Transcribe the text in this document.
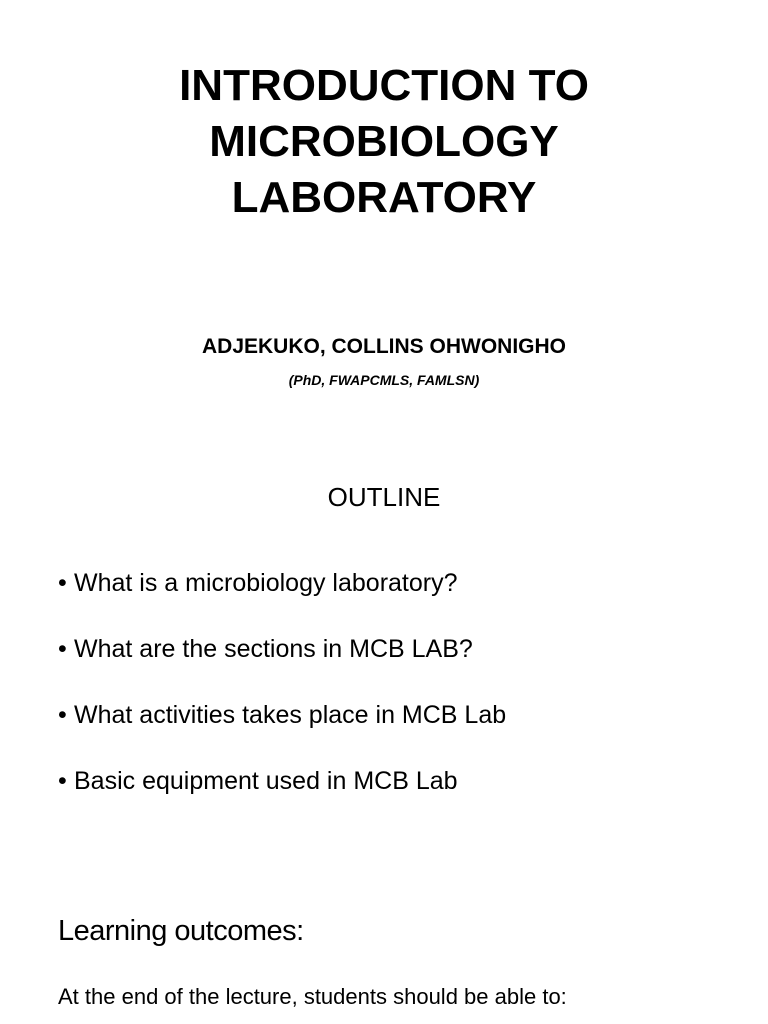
INTRODUCTION TO
MICROBIOLOGY
LABORATORY
ADJEKUKO, COLLINS OHWONIGHO
(PhD, FWAPCMLS, FAMLSN)
OUTLINE
• What is a microbiology laboratory?
• What are the sections in MCB LAB?
• What activities takes place in MCB Lab
• Basic equipment used in MCB Lab
Learning outcomes:
At the end of the lecture, students should be able to:
